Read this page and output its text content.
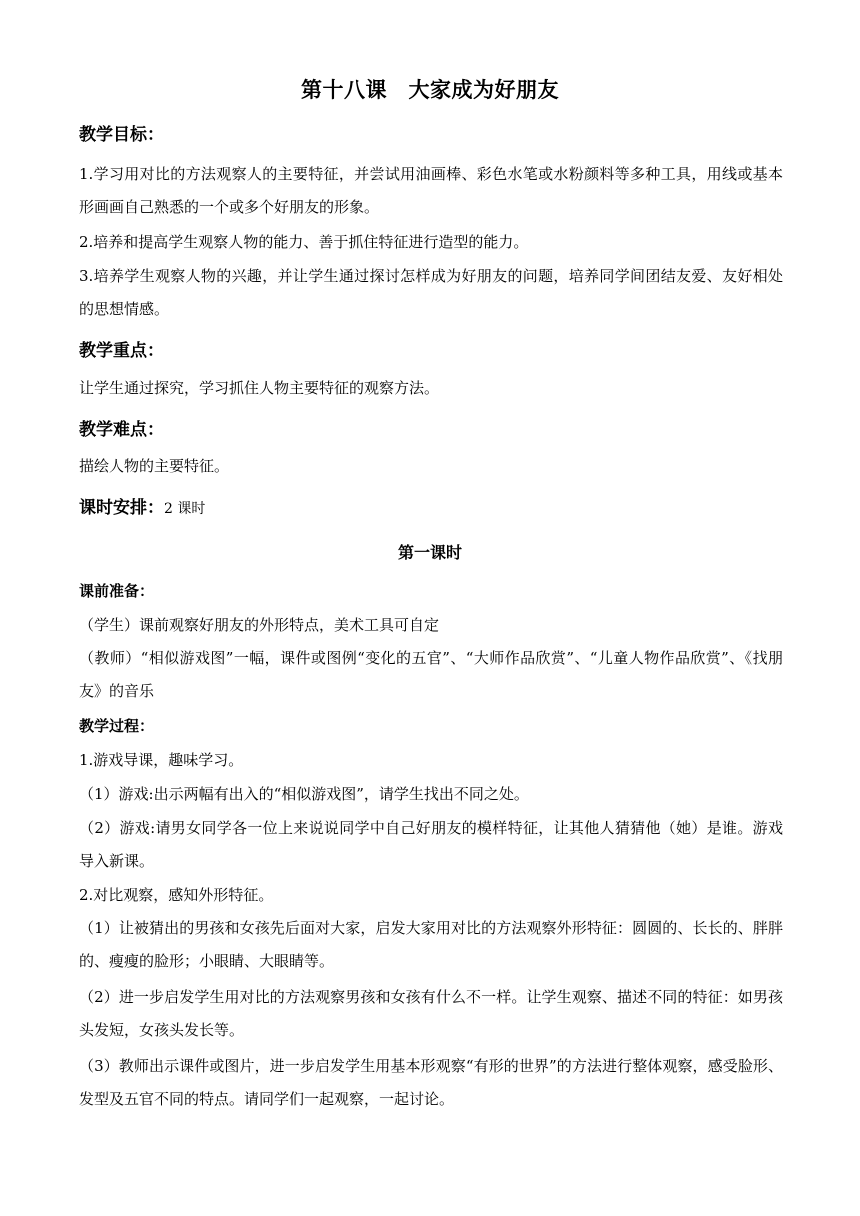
第十八课　大家成为好朋友
教学目标：

1.学习用对比的方法观察人的主要特征，并尝试用油画棒、彩色水笔或水粉颜料等多种工具，用线或基本形画画自己熟悉的一个或多个好朋友的形象。

2.培养和提高学生观察人物的能力、善于抓住特征进行造型的能力。

3.培养学生观察人物的兴趣，并让学生通过探讨怎样成为好朋友的问题，培养同学间团结友爱、友好相处的思想情感。

教学重点：

让学生通过探究，学习抓住人物主要特征的观察方法。

教学难点：

描绘人物的主要特征。

课时安排：2 课时
第一课时
课前准备：

（学生）课前观察好朋友的外形特点，美术工具可自定

（教师）“相似游戏图”一幅，课件或图例“变化的五官”、“大师作品欣赏”、“儿童人物作品欣赏”、《找朋友》的音乐

教学过程：

1.游戏导课，趣味学习。

（1）游戏:出示两幅有出入的“相似游戏图”，请学生找出不同之处。

（2）游戏:请男女同学各一位上来说说同学中自己好朋友的模样特征，让其他人猜猜他（她）是谁。游戏导入新课。

2.对比观察，感知外形特征。

（1）让被猜出的男孩和女孩先后面对大家，启发大家用对比的方法观察外形特征：圆圆的、长长的、胖胖的、瘦瘦的脸形；小眼睛、大眼睛等。

（2）进一步启发学生用对比的方法观察男孩和女孩有什么不一样。让学生观察、描述不同的特征：如男孩头发短，女孩头发长等。

（3）教师出示课件或图片，进一步启发学生用基本形观察“有形的世界”的方法进行整体观察，感受脸形、发型及五官不同的特点。请同学们一起观察，一起讨论。
